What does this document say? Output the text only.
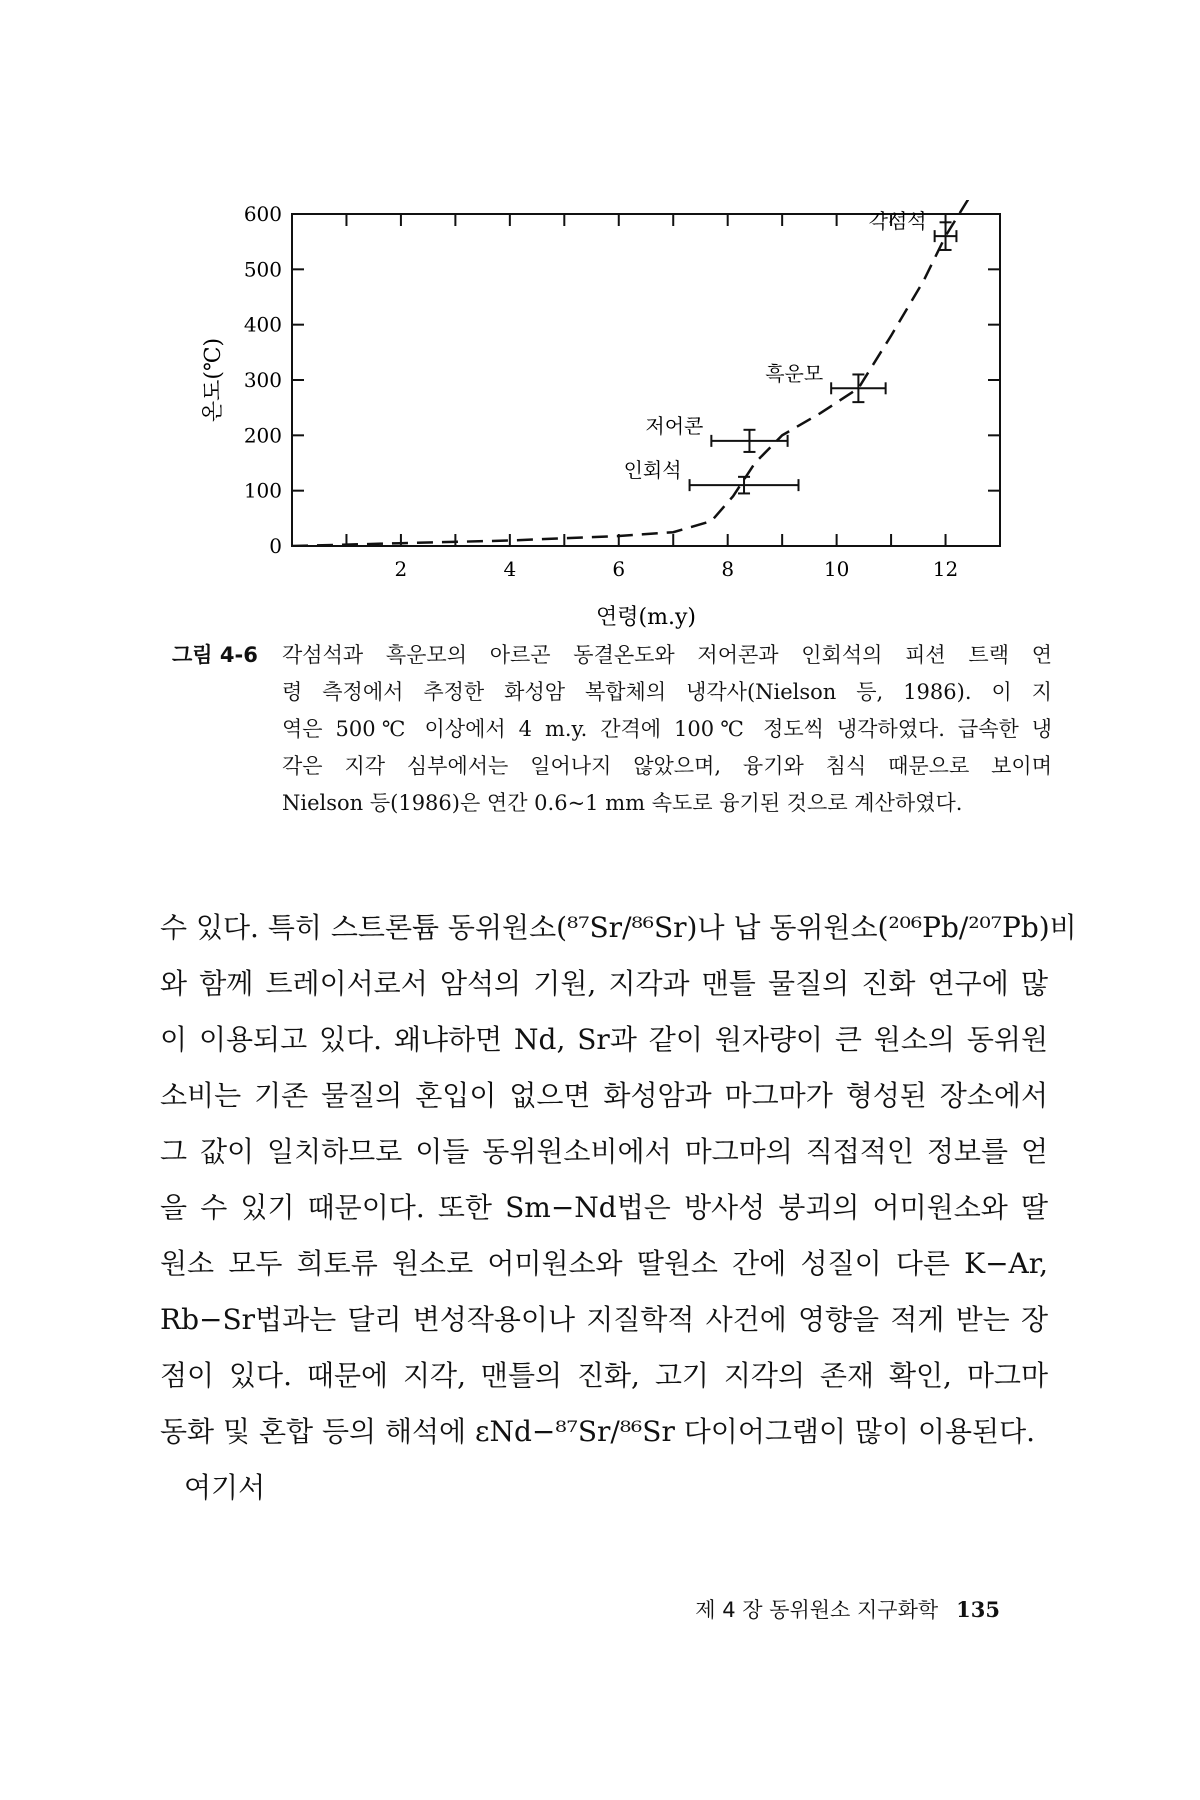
0
100
200
300
400
500
600
2	4	6	8	10	12
연령(m.y)
온도(℃)
각섬석
흑운모
저어콘
인회석
그림 4-6 각섬석과 흑운모의 아르곤 동결온도와 저어콘과 인회석의 피션 트랙 연
령 측정에서 추정한 화성암 복합체의 냉각사(Nielson 등, 1986). 이 지
역은 500℃ 이상에서 4 m.y. 간격에 100℃ 정도씩 냉각하였다. 급속한 냉
각은 지각 심부에서는 일어나지 않았으며, 융기와 침식 때문으로 보이며
Nielson 등(1986)은 연간 0.6~1 mm 속도로 융기된 것으로 계산하였다.
수 있다. 특히 스트론튬 동위원소(⁸⁷Sr/⁸⁶Sr)나 납 동위원소(²⁰⁶Pb/²⁰⁷Pb)비
와 함께 트레이서로서 암석의 기원, 지각과 맨틀 물질의 진화 연구에 많
이 이용되고 있다. 왜냐하면 Nd, Sr과 같이 원자량이 큰 원소의 동위원
소비는 기존 물질의 혼입이 없으면 화성암과 마그마가 형성된 장소에서
그 값이 일치하므로 이들 동위원소비에서 마그마의 직접적인 정보를 얻
을 수 있기 때문이다. 또한 Sm−Nd법은 방사성 붕괴의 어미원소와 딸
원소 모두 희토류 원소로 어미원소와 딸원소 간에 성질이 다른 K−Ar,
Rb−Sr법과는 달리 변성작용이나 지질학적 사건에 영향을 적게 받는 장
점이 있다. 때문에 지각, 맨틀의 진화, 고기 지각의 존재 확인, 마그마
동화 및 혼합 등의 해석에 εNd−⁸⁷Sr/⁸⁶Sr 다이어그램이 많이 이용된다.
여기서
제 4 장 동위원소 지구화학 135
